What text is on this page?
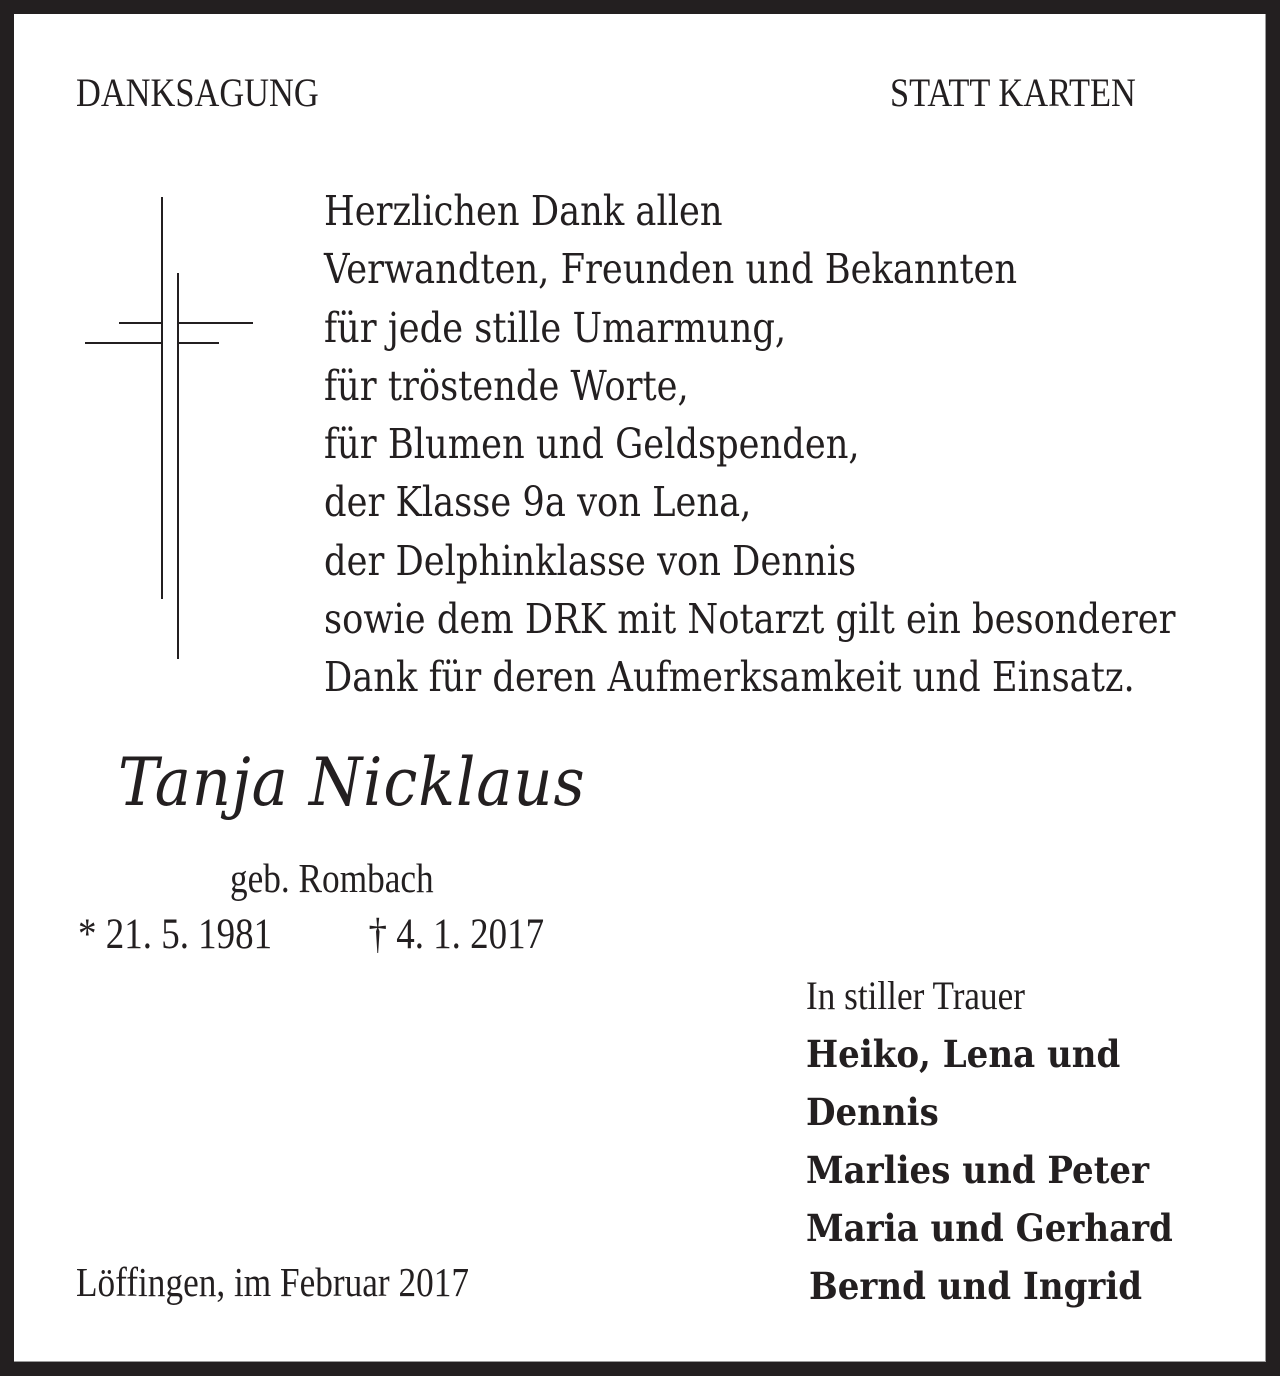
DANKSAGUNG	STATT KARTEN
Herzlichen Dank allen
Verwandten, Freunden und Bekannten
für jede stille Umarmung,
für tröstende Worte,
für Blumen und Geldspenden,
der Klasse 9a von Lena,
der Delphinklasse von Dennis
sowie dem DRK mit Notarzt gilt ein besonderer
Dank für deren Aufmerksamkeit und Einsatz.
Tanja Nicklaus
geb. Rombach
* 21. 5. 1981 † 4. 1. 2017
In stiller Trauer
Heiko, Lena und
Dennis
Marlies und Peter
Maria und Gerhard
Bernd und Ingrid
Löffingen, im Februar 2017
